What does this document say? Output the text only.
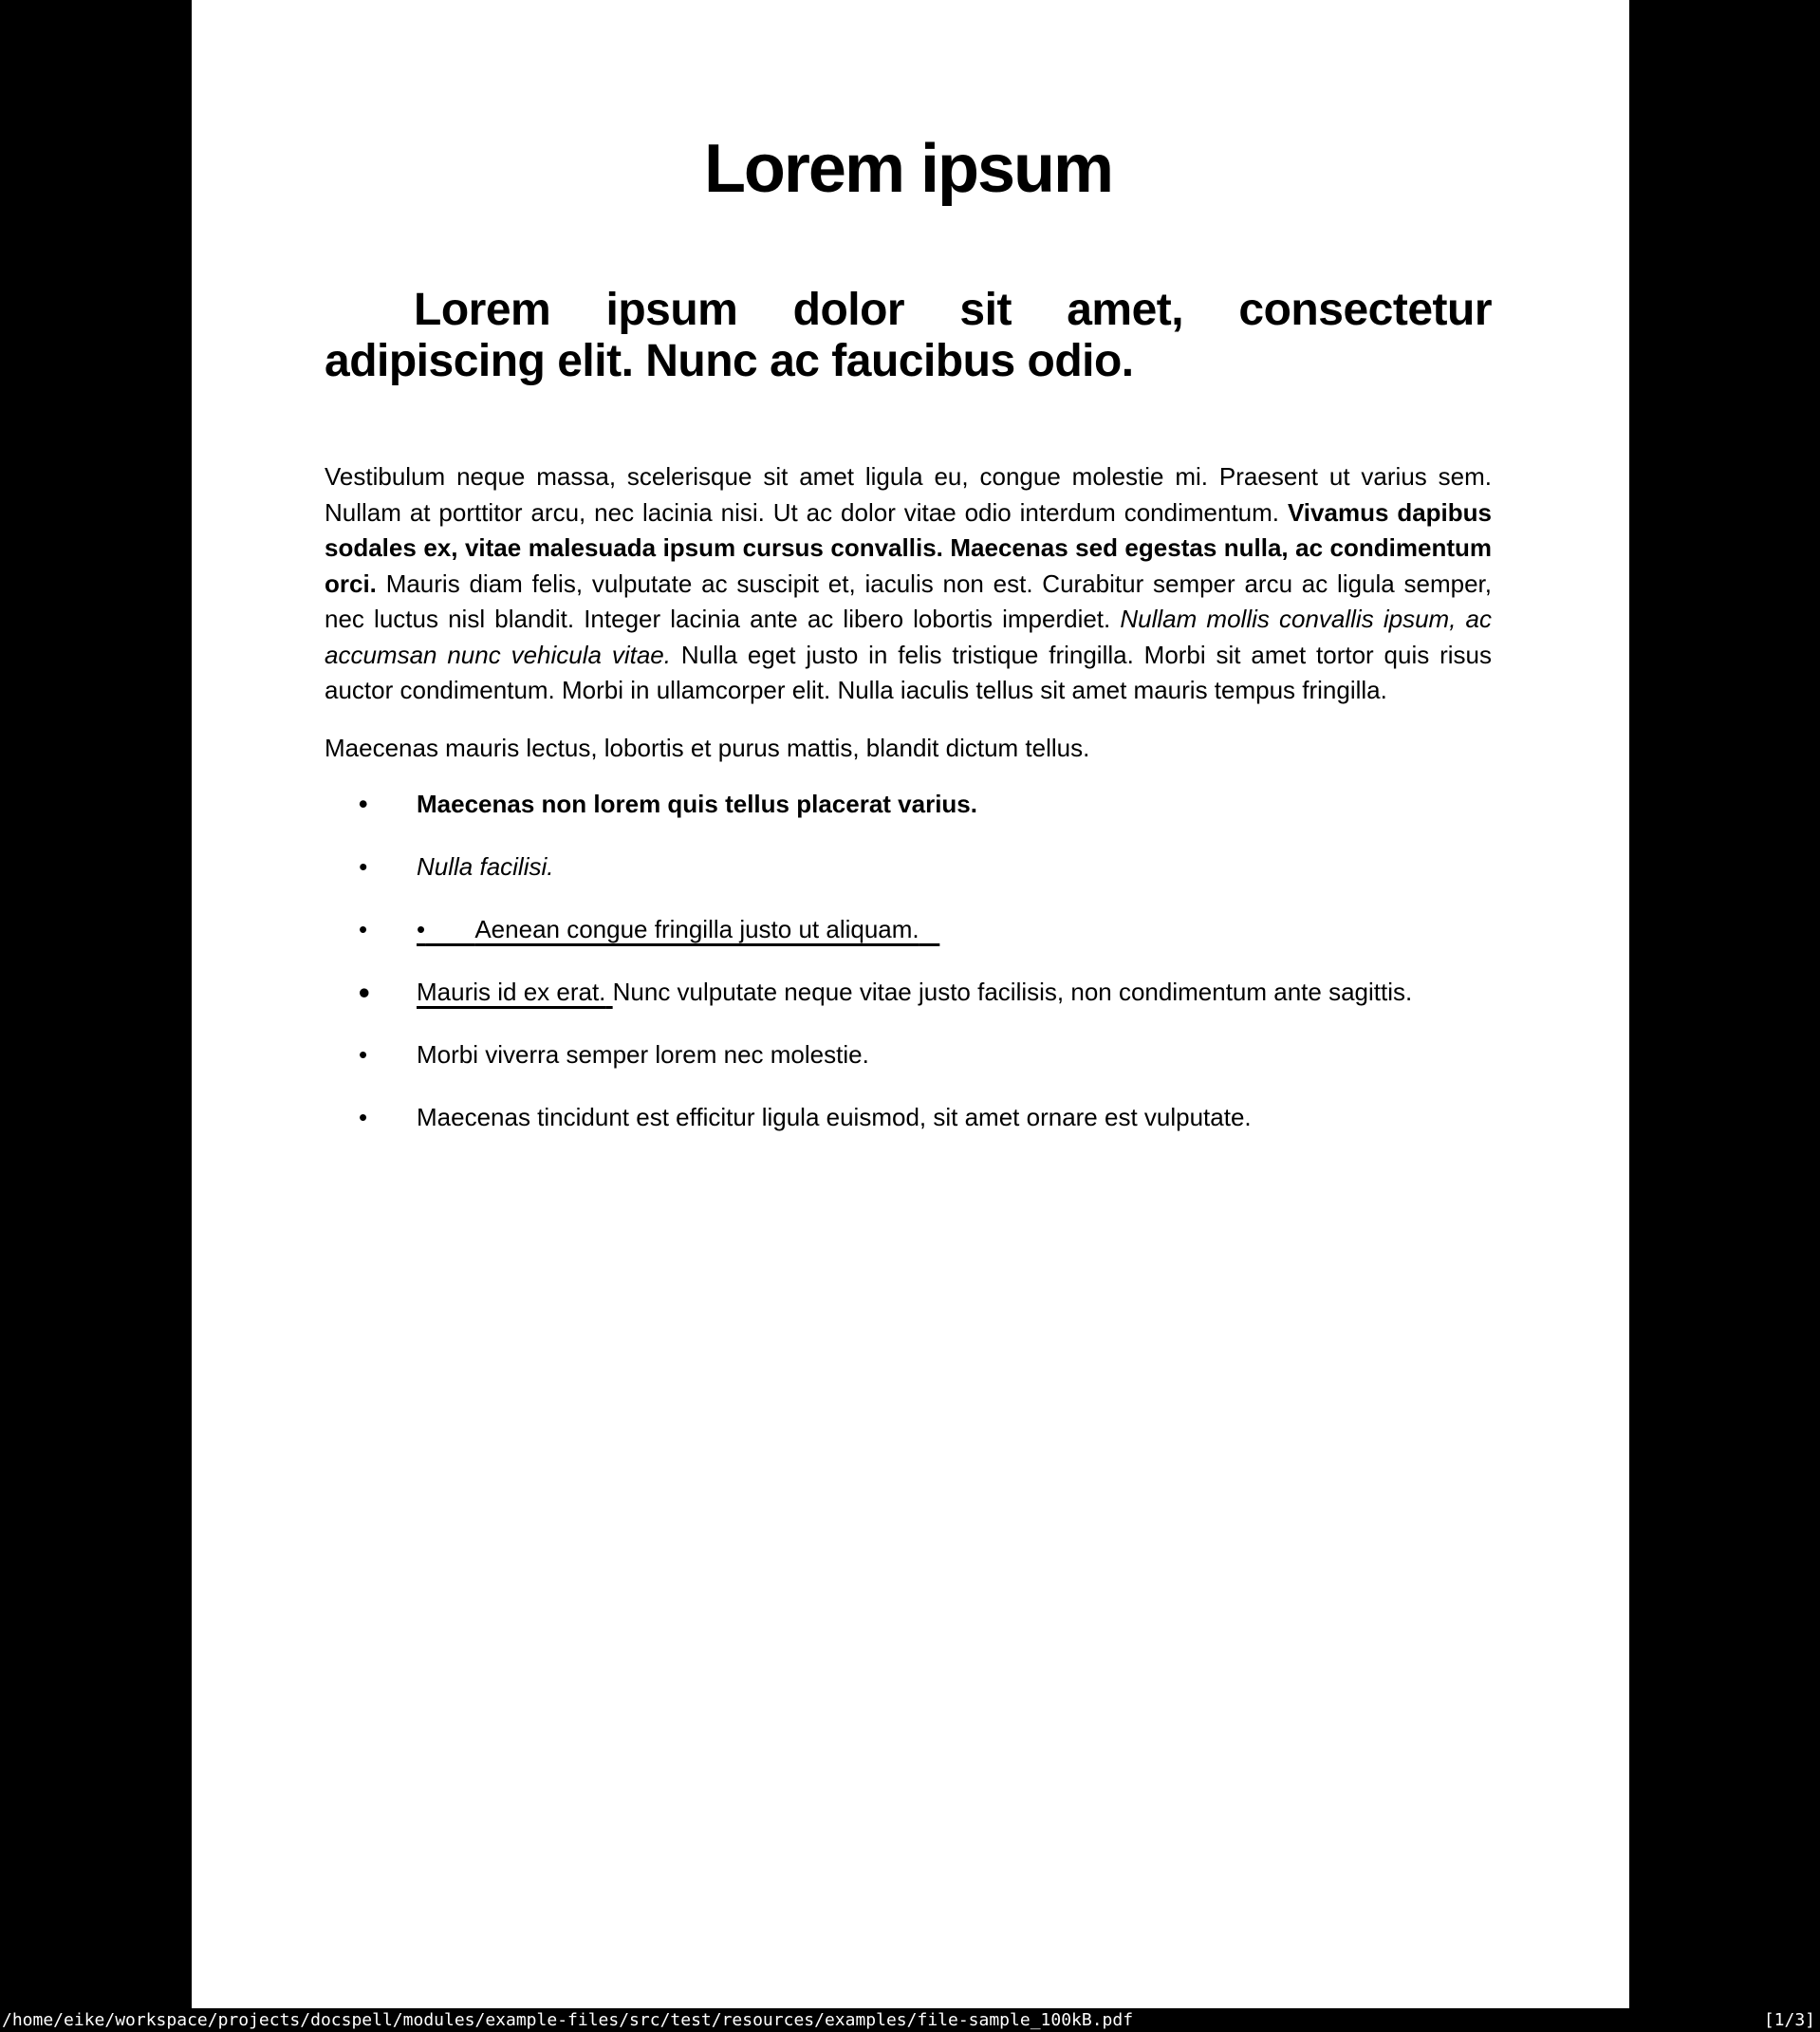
Lorem ipsum
Lorem ipsum dolor sit amet, consectetur adipiscing elit. Nunc ac faucibus odio.

Vestibulum neque massa, scelerisque sit amet ligula eu, congue molestie mi. Praesent ut varius sem. Nullam at porttitor arcu, nec lacinia nisi. Ut ac dolor vitae odio interdum condimentum. Vivamus dapibus sodales ex, vitae malesuada ipsum cursus convallis. Maecenas sed egestas nulla, ac condimentum orci. Mauris diam felis, vulputate ac suscipit et, iaculis non est. Curabitur semper arcu ac ligula semper, nec luctus nisl blandit. Integer lacinia ante ac libero lobortis imperdiet. Nullam mollis convallis ipsum, ac accumsan nunc vehicula vitae. Nulla eget justo in felis tristique fringilla. Morbi sit amet tortor quis risus auctor condimentum. Morbi in ullamcorper elit. Nulla iaculis tellus sit amet mauris tempus fringilla.

Maecenas mauris lectus, lobortis et purus mattis, blandit dictum tellus.

• Maecenas non lorem quis tellus placerat varius.
• Nulla facilisi.
• • Aenean congue fringilla justo ut aliquam.
• Mauris id ex erat. Nunc vulputate neque vitae justo facilisis, non condimentum ante sagittis.
• Morbi viverra semper lorem nec molestie.
• Maecenas tincidunt est efficitur ligula euismod, sit amet ornare est vulputate.
/home/eike/workspace/projects/docspell/modules/example-files/src/test/resources/examples/file-sample_100kB.pdf	[1/3]
